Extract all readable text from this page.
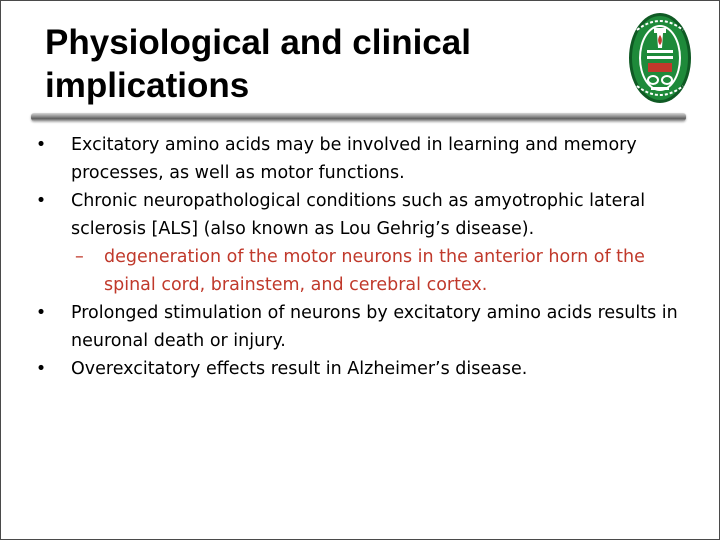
Physiological and clinical implications
• Excitatory amino acids may be involved in learning and memory processes, as well as motor functions.
• Chronic neuropathological conditions such as amyotrophic lateral sclerosis [ALS] (also known as Lou Gehrig’s disease).
– degeneration of the motor neurons in the anterior horn of the spinal cord, brainstem, and cerebral cortex.
• Prolonged stimulation of neurons by excitatory amino acids results in neuronal death or injury.
• Overexcitatory effects result in Alzheimer’s disease.
